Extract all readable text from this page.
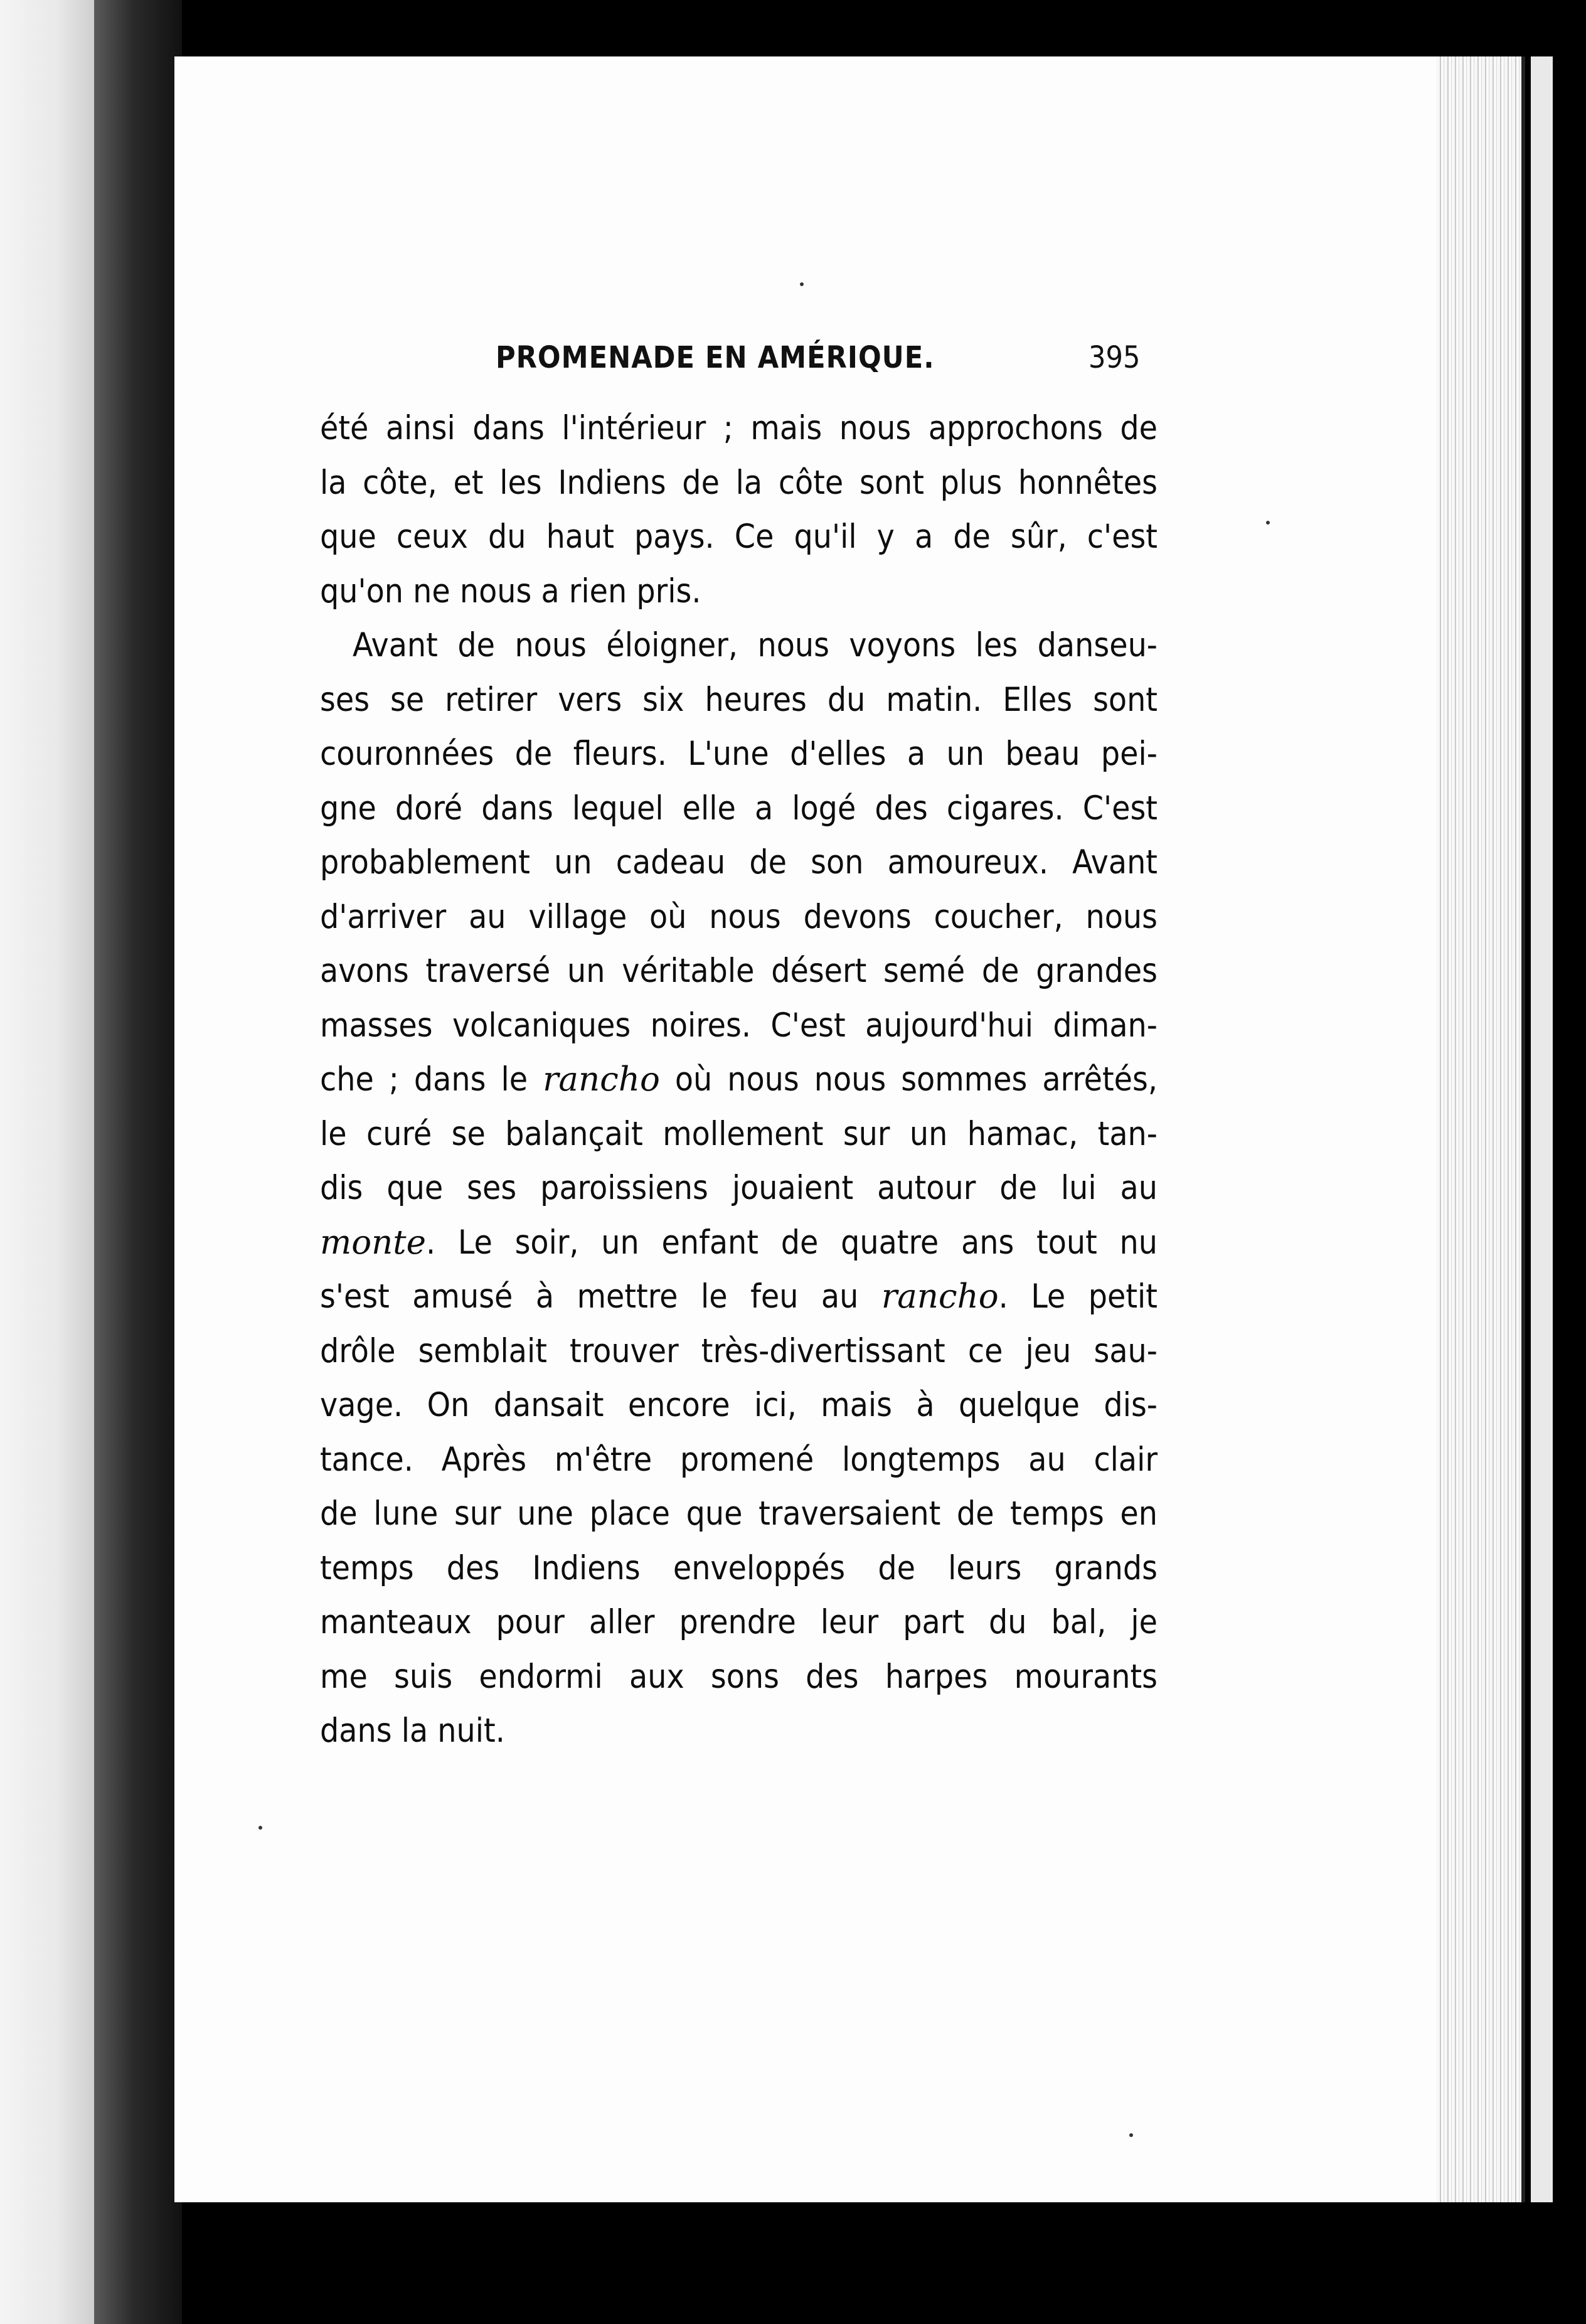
PROMENADE EN AMÉRIQUE.	395
été ainsi dans l'intérieur ; mais nous approchons de
la côte, et les Indiens de la côte sont plus honnêtes
que ceux du haut pays. Ce qu'il y a de sûr, c'est
qu'on ne nous a rien pris.
Avant de nous éloigner, nous voyons les danseu-
ses se retirer vers six heures du matin. Elles sont
couronnées de fleurs. L'une d'elles a un beau pei-
gne doré dans lequel elle a logé des cigares. C'est
probablement un cadeau de son amoureux. Avant
d'arriver au village où nous devons coucher, nous
avons traversé un véritable désert semé de grandes
masses volcaniques noires. C'est aujourd'hui diman-
che ; dans le rancho où nous nous sommes arrêtés,
le curé se balançait mollement sur un hamac, tan-
dis que ses paroissiens jouaient autour de lui au
monte. Le soir, un enfant de quatre ans tout nu
s'est amusé à mettre le feu au rancho. Le petit
drôle semblait trouver très-divertissant ce jeu sau-
vage. On dansait encore ici, mais à quelque dis-
tance. Après m'être promené longtemps au clair
de lune sur une place que traversaient de temps en
temps des Indiens enveloppés de leurs grands
manteaux pour aller prendre leur part du bal, je
me suis endormi aux sons des harpes mourants
dans la nuit.
